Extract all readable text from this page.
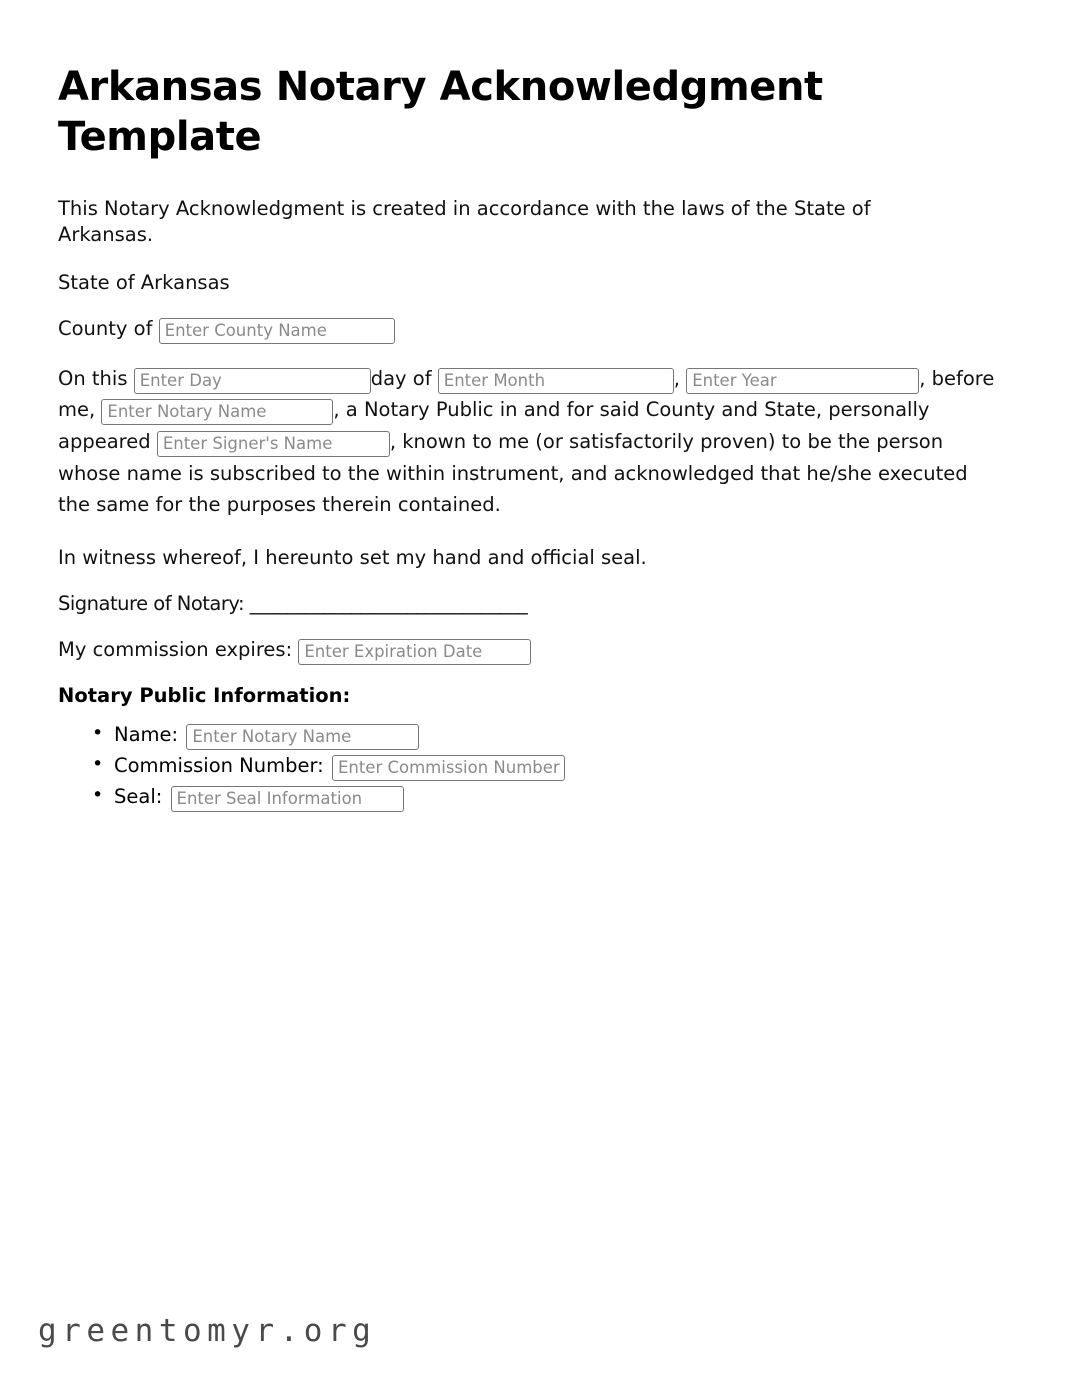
Arkansas Notary Acknowledgment Template

This Notary Acknowledgment is created in accordance with the laws of the State of Arkansas.

State of Arkansas

County of Enter County Name

On this Enter Day	day of Enter Month	, Enter Year	, before me, Enter Notary Name	, a Notary Public in and for said County and State, personally appeared Enter Signer's Name	, known to me (or satisfactorily proven) to be the person whose name is subscribed to the within instrument, and acknowledged that he/she executed the same for the purposes therein contained.

In witness whereof, I hereunto set my hand and official seal.

Signature of Notary: ______________________________

My commission expires: Enter Expiration Date

Notary Public Information:
• Name: Enter Notary Name
• Commission Number: Enter Commission Number
• Seal: Enter Seal Information
greentomyr.org
